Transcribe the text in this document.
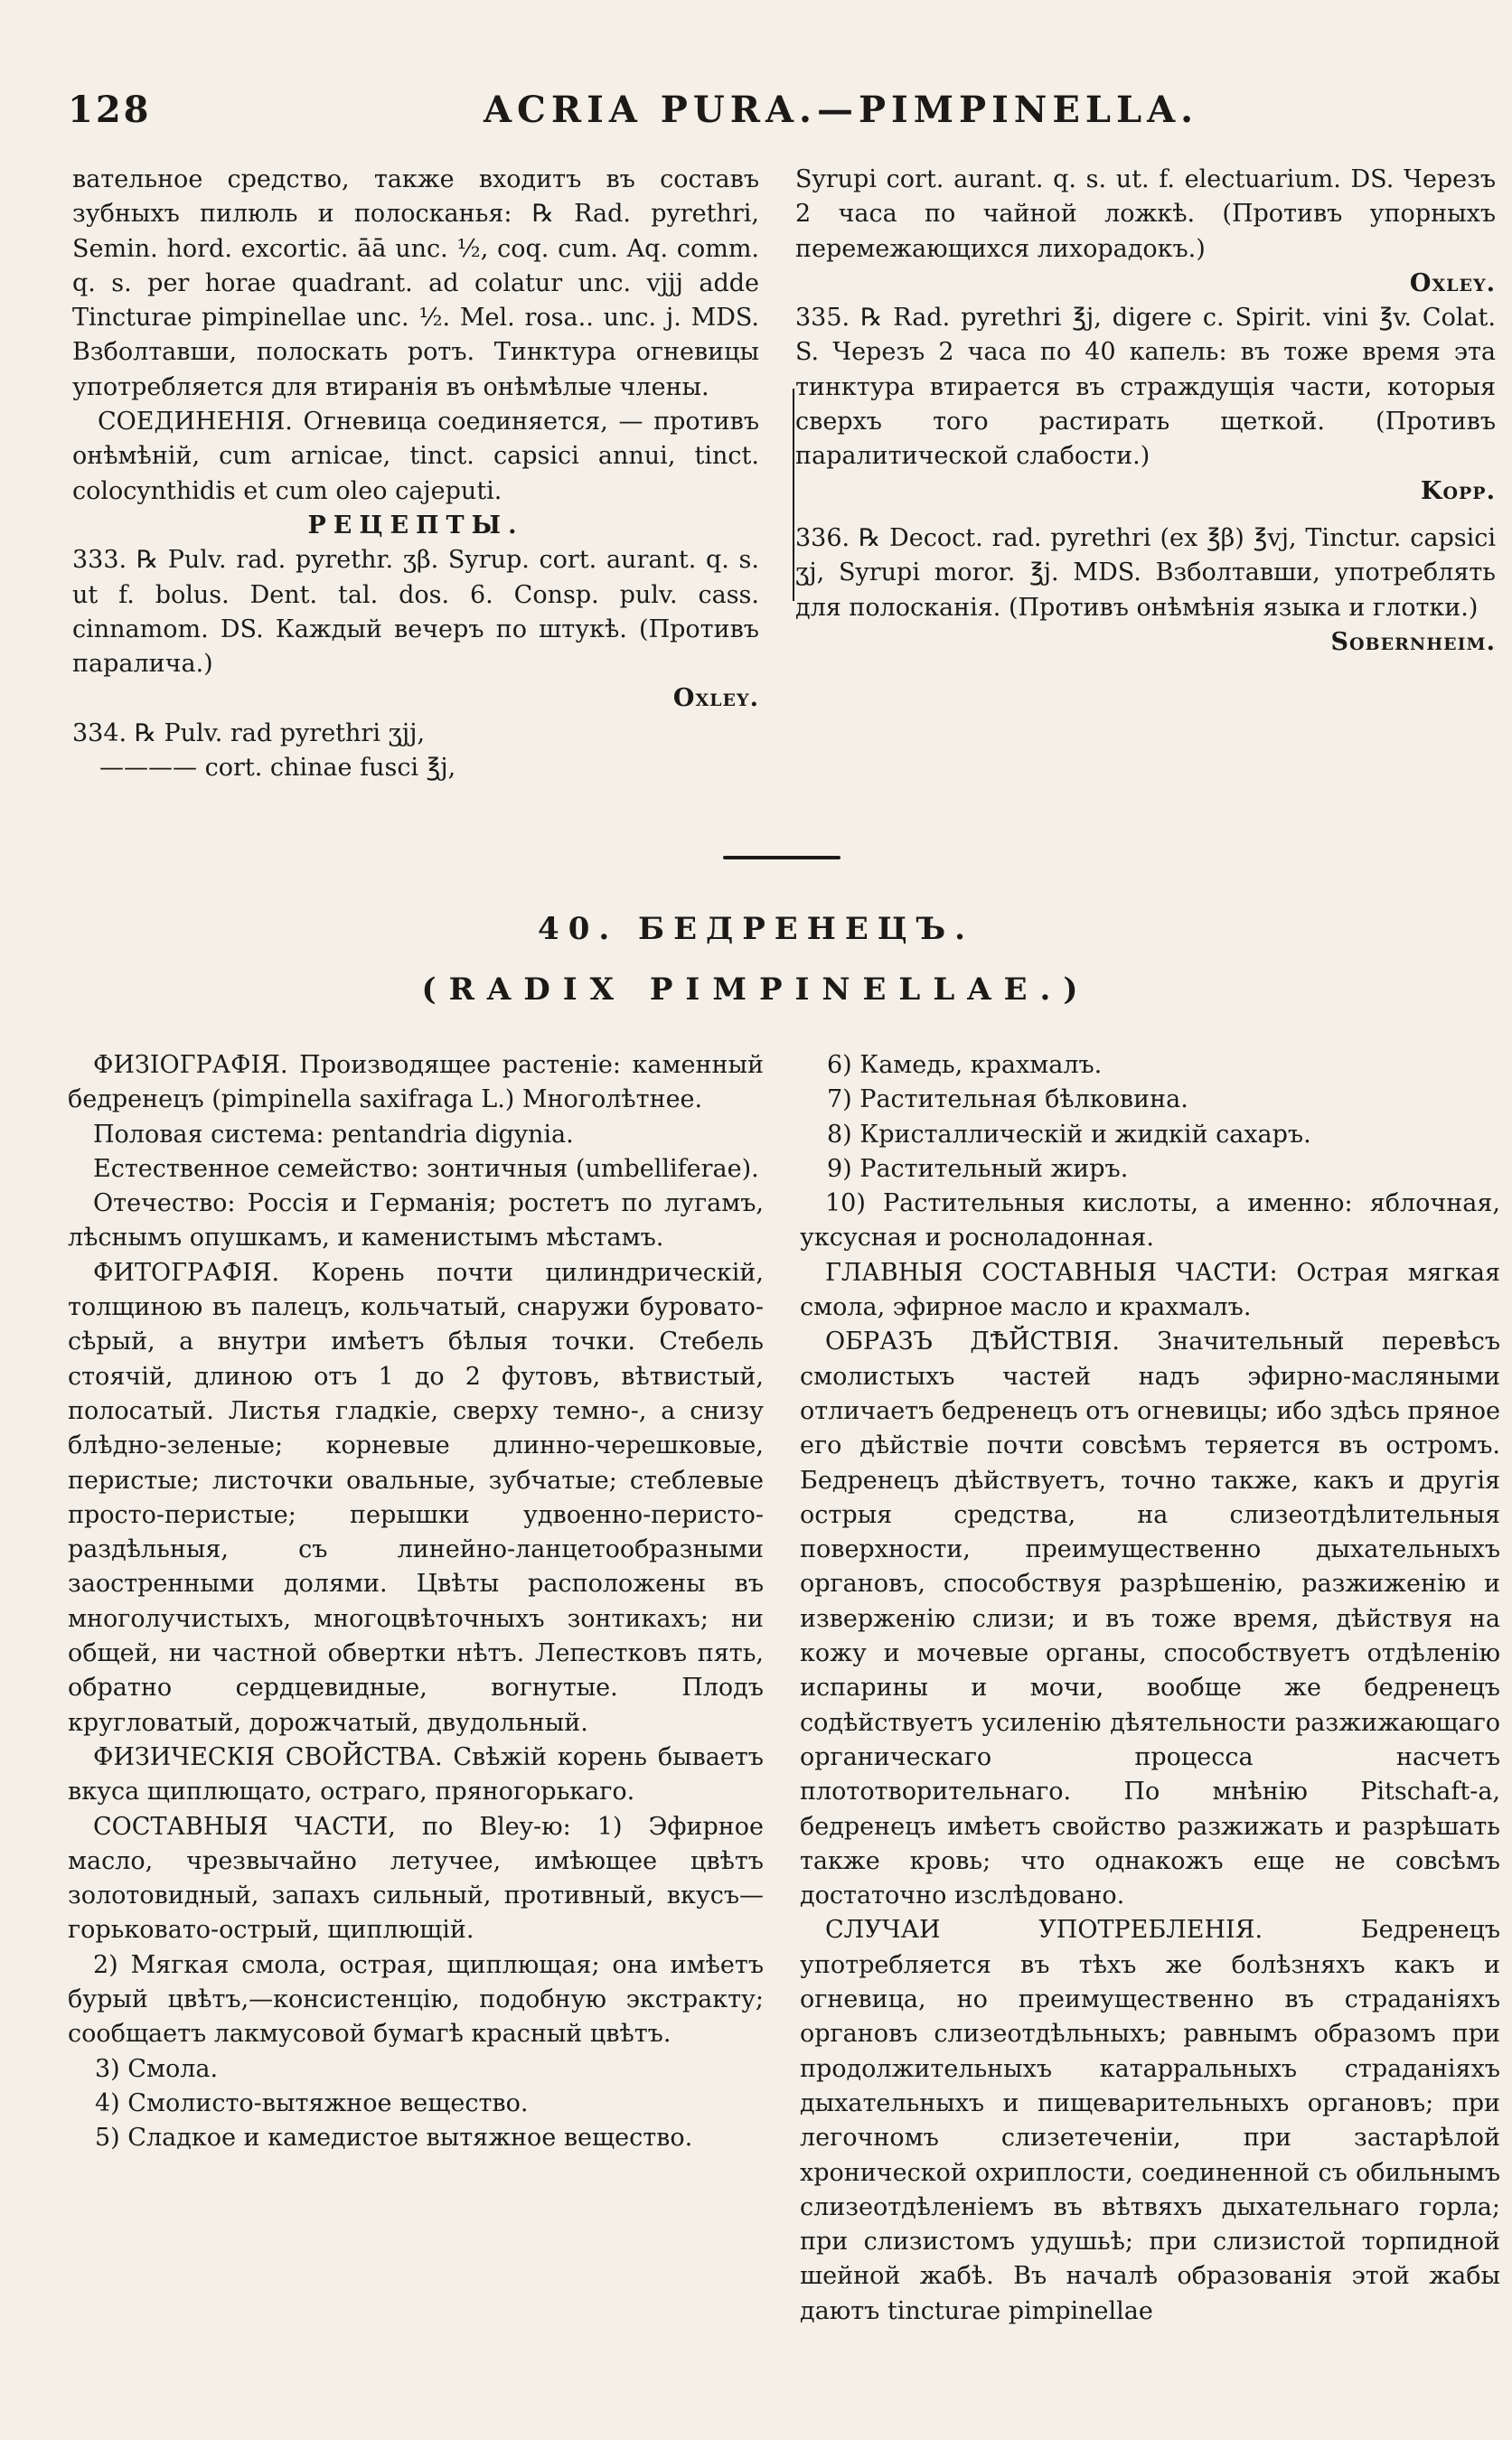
128	ACRIA PURA.—PIMPINELLA.

вательное средство, также входитъ въ составъ зубныхъ пилюль и полосканья: ℞ Rad. pyrethri, Semin. hord. excortic. āā unc. ½, coq. cum. Aq. comm. q. s. per horae quadrant. ad colatur unc. vjjj adde Tincturae pimpinellae unc. ½. Mel. rosa.. unc. j. MDS. Взболтавши, полоскать ротъ. Тинктура огневицы употребляется для втиранія въ онѣмѣлые члены.

СОЕДИНЕНІЯ. Огневица соединяется, — противъ онѣмѣній, cum arnicae, tinct. capsici annui, tinct. colocynthidis et cum oleo cajeputi.

РЕЦЕПТЫ.

333. ℞ Pulv. rad. pyrethr. ʒβ. Syrup. cort. aurant. q. s. ut f. bolus. Dent. tal. dos. 6. Consp. pulv. cass. cinnamom. DS. Каждый вечеръ по штукѣ. (Противъ паралича.)

Oxley.

334. ℞ Pulv. rad pyrethri ʒjj,

———— cort. chinae fusci ℥j,

Syrupi cort. aurant. q. s. ut. f. electuarium. DS. Черезъ 2 часа по чайной ложкѣ. (Противъ упорныхъ перемежающихся лихорадокъ.)

Oxley.

335. ℞ Rad. pyrethri ℥j, digere c. Spirit. vini ℥v. Colat. S. Черезъ 2 часа по 40 капель: въ тоже время эта тинктура втирается въ страждущія части, которыя сверхъ того растирать щеткой. (Противъ паралитической слабости.)

Kopp.

336. ℞ Decoct. rad. pyrethri (ex ℥β) ℥vj, Tinctur. capsici ʒj, Syrupi moror. ℥j. MDS. Взболтавши, употреблять для полосканія. (Противъ онѣмѣнія языка и глотки.)

Sobernheim.

40. БЕДРЕНЕЦЪ.
(RADIX PIMPINELLAE.)

ФИЗІОГРАФІЯ. Производящее растеніе: каменный бедренецъ (pimpinella saxifraga L.) Многолѣтнее.

Половая система: pentandria digynia.

Естественное семейство: зонтичныя (umbelliferae).

Отечество: Россія и Германія; ростетъ по лугамъ, лѣснымъ опушкамъ, и каменистымъ мѣстамъ.

ФИТОГРАФІЯ. Корень почти цилиндрическій, толщиною въ палецъ, кольчатый, снаружи буровато-сѣрый, а внутри имѣетъ бѣлыя точки. Стебель стоячій, длиною отъ 1 до 2 футовъ, вѣтвистый, полосатый. Листья гладкіе, сверху темно-, а снизу блѣдно-зеленые; корневые длинно-черешковые, перистые; листочки овальные, зубчатые; стеблевые просто-перистые; перышки удвоенно-перисто-раздѣльныя, съ линейно-ланцетообразными заостренными долями. Цвѣты расположены въ многолучистыхъ, многоцвѣточныхъ зонтикахъ; ни общей, ни частной обвертки нѣтъ. Лепестковъ пять, обратно сердцевидные, вогнутые. Плодъ кругловатый, дорожчатый, двудольный.

ФИЗИЧЕСКІЯ СВОЙСТВА. Свѣжій корень бываетъ вкуса щиплющато, остраго, пряногорькаго.

СОСТАВНЫЯ ЧАСТИ, по Bley-ю: 1) Эфирное масло, чрезвычайно летучее, имѣющее цвѣтъ золотовидный, запахъ сильный, противный, вкусъ—горьковато-острый, щиплющій.

2) Мягкая смола, острая, щиплющая; она имѣетъ бурый цвѣтъ,—консистенцію, подобную экстракту; сообщаетъ лакмусовой бумагѣ красный цвѣтъ.

3) Смола.

4) Смолисто-вытяжное вещество.

5) Сладкое и камедистое вытяжное вещество.

6) Камедь, крахмалъ.

7) Растительная бѣлковина.

8) Кристаллическій и жидкій сахаръ.

9) Растительный жиръ.

10) Растительныя кислоты, а именно: яблочная, уксусная и росноладонная.

ГЛАВНЫЯ СОСТАВНЫЯ ЧАСТИ: Острая мягкая смола, эфирное масло и крахмалъ.

ОБРАЗЪ ДѢЙСТВІЯ. Значительный перевѣсъ смолистыхъ частей надъ эфирно-масляными отличаетъ бедренецъ отъ огневицы; ибо здѣсь пряное его дѣйствіе почти совсѣмъ теряется въ остромъ. Бедренецъ дѣйствуетъ, точно также, какъ и другія острыя средства, на слизеотдѣлительныя поверхности, преимущественно дыхательныхъ органовъ, способствуя разрѣшенію, разжиженію и изверженію слизи; и въ тоже время, дѣйствуя на кожу и мочевые органы, способствуетъ отдѣленію испарины и мочи, вообще же бедренецъ содѣйствуетъ усиленію дѣятельности разжижающаго органическаго процесса насчетъ плототворительнаго. По мнѣнію Pitschaft-а, бедренецъ имѣетъ свойство разжижать и разрѣшать также кровь; что однакожъ еще не совсѣмъ достаточно изслѣдовано.

СЛУЧАИ УПОТРЕБЛЕНІЯ. Бедренецъ употребляется въ тѣхъ же болѣзняхъ какъ и огневица, но преимущественно въ страданіяхъ органовъ слизеотдѣльныхъ; равнымъ образомъ при продолжительныхъ катарральныхъ страданіяхъ дыхательныхъ и пищеварительныхъ органовъ; при легочномъ слизетеченіи, при застарѣлой хронической охриплости, соединенной съ обильнымъ слизеотдѣленіемъ въ вѣтвяхъ дыхательнаго горла; при слизистомъ удушьѣ; при слизистой торпидной шейной жабѣ. Въ началѣ образованія этой жабы даютъ tincturae pimpinellae
